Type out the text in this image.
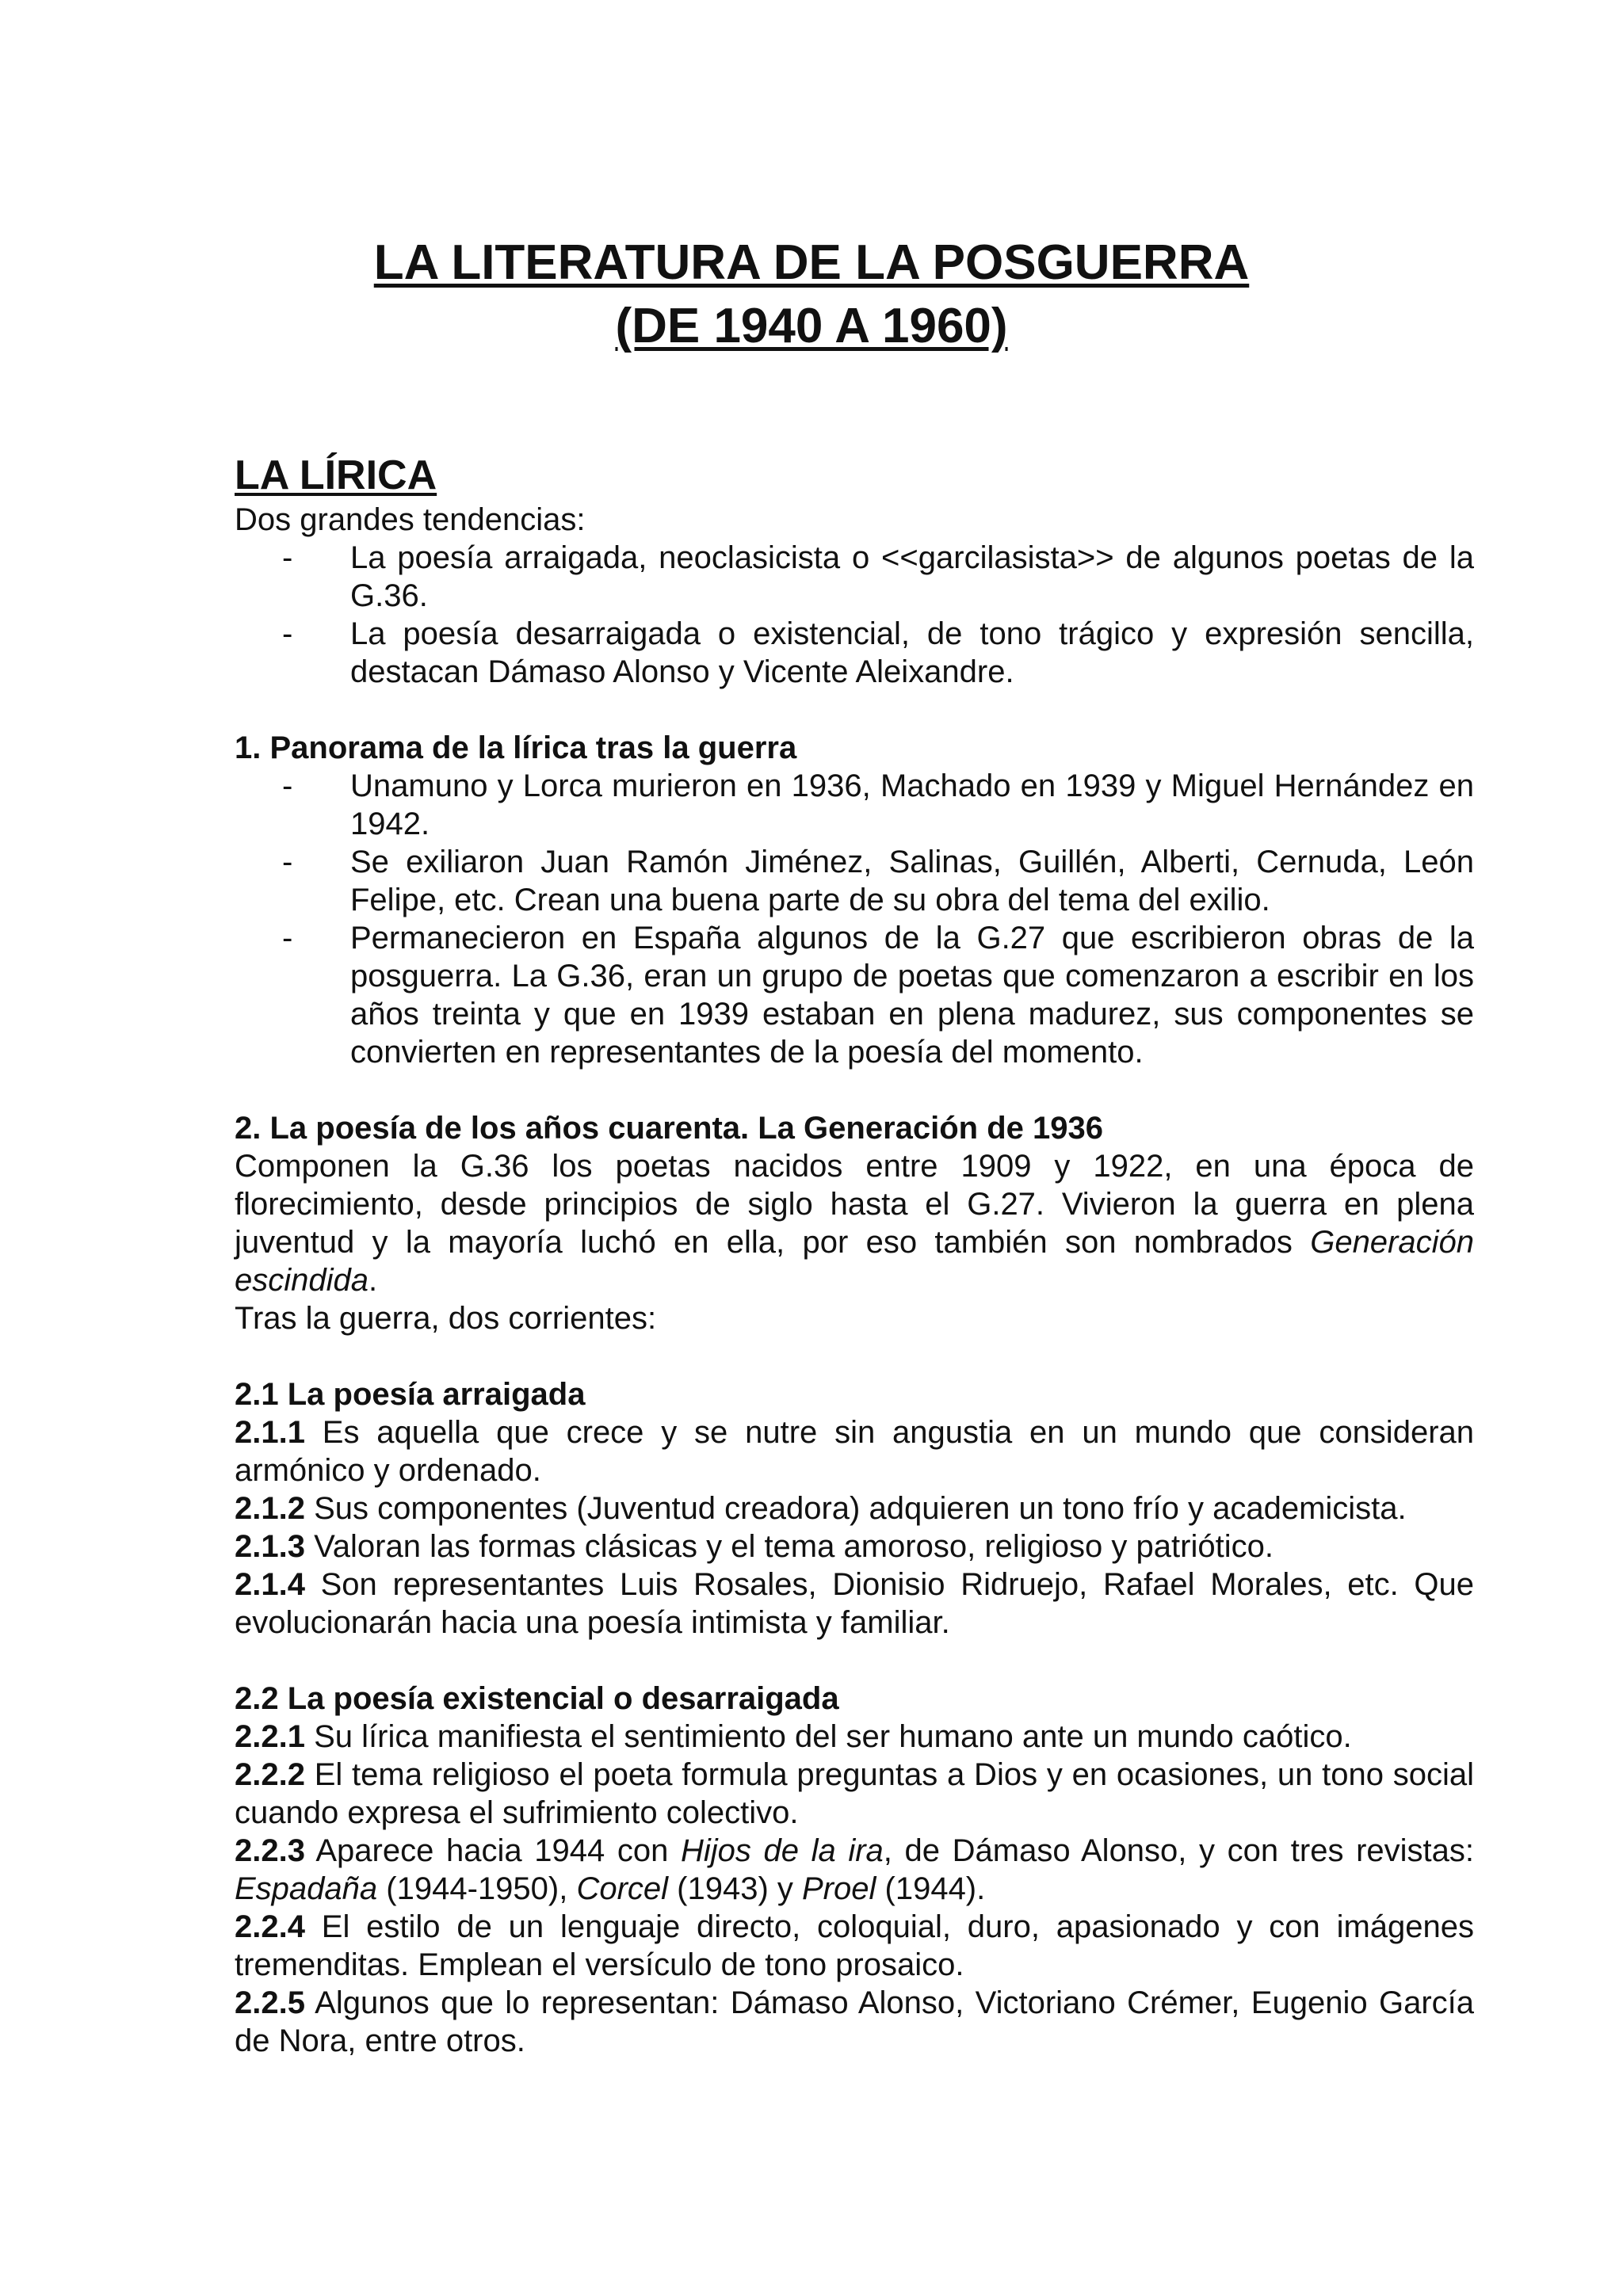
LA LITERATURA DE LA POSGUERRA
(DE 1940 A 1960)
LA LÍRICA

Dos grandes tendencias:

- La poesía arraigada, neoclasicista o <<garcilasista>> de algunos poetas de la G.36.
- La poesía desarraigada o existencial, de tono trágico y expresión sencilla, destacan Dámaso Alonso y Vicente Aleixandre.

1. Panorama de la lírica tras la guerra

- Unamuno y Lorca murieron en 1936, Machado en 1939 y Miguel Hernández en 1942.
- Se exiliaron Juan Ramón Jiménez, Salinas, Guillén, Alberti, Cernuda, León Felipe, etc. Crean una buena parte de su obra del tema del exilio.
- Permanecieron en España algunos de la G.27 que escribieron obras de la posguerra. La G.36, eran un grupo de poetas que comenzaron a escribir en los años treinta y que en 1939 estaban en plena madurez, sus componentes se convierten en representantes de la poesía del momento.

2. La poesía de los años cuarenta. La Generación de 1936

Componen la G.36 los poetas nacidos entre 1909 y 1922, en una época de florecimiento, desde principios de siglo hasta el G.27. Vivieron la guerra en plena juventud y la mayoría luchó en ella, por eso también son nombrados Generación escindida.

Tras la guerra, dos corrientes:

2.1 La poesía arraigada

2.1.1 Es aquella que crece y se nutre sin angustia en un mundo que consideran armónico y ordenado.

2.1.2 Sus componentes (Juventud creadora) adquieren un tono frío y academicista.

2.1.3 Valoran las formas clásicas y el tema amoroso, religioso y patriótico.

2.1.4 Son representantes Luis Rosales, Dionisio Ridruejo, Rafael Morales, etc. Que evolucionarán hacia una poesía intimista y familiar.

2.2 La poesía existencial o desarraigada

2.2.1 Su lírica manifiesta el sentimiento del ser humano ante un mundo caótico.

2.2.2 El tema religioso el poeta formula preguntas a Dios y en ocasiones, un tono social cuando expresa el sufrimiento colectivo.

2.2.3 Aparece hacia 1944 con Hijos de la ira, de Dámaso Alonso, y con tres revistas: Espadaña (1944-1950), Corcel (1943) y Proel (1944).

2.2.4 El estilo de un lenguaje directo, coloquial, duro, apasionado y con imágenes tremenditas. Emplean el versículo de tono prosaico.

2.2.5 Algunos que lo representan: Dámaso Alonso, Victoriano Crémer, Eugenio García de Nora, entre otros.
